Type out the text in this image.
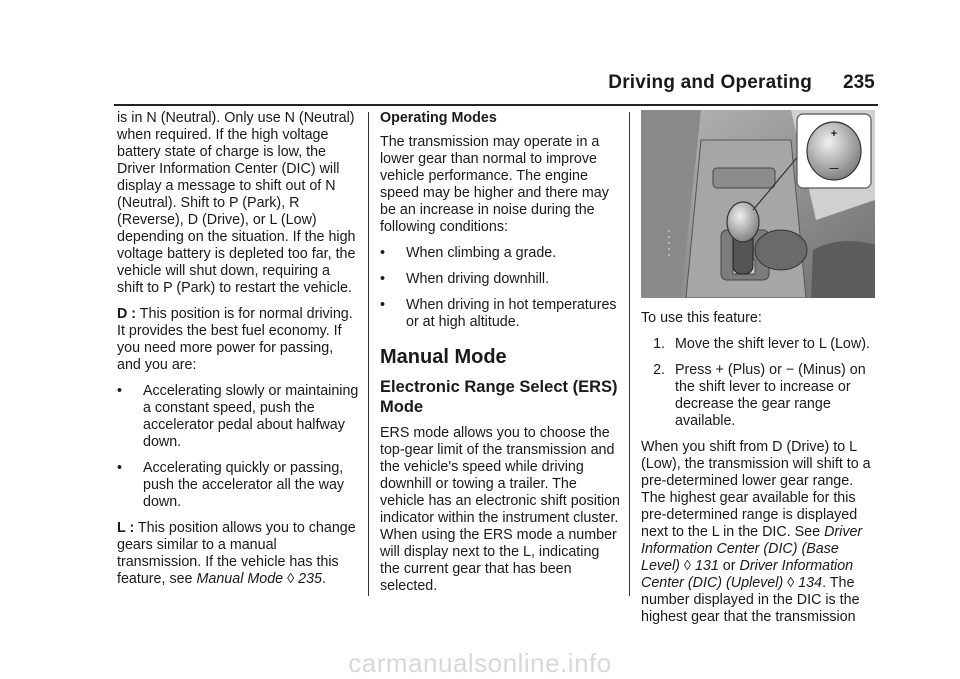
Driving and Operating 235

is in N (Neutral). Only use N (Neutral) when required. If the high voltage battery state of charge is low, the Driver Information Center (DIC) will display a message to shift out of N (Neutral). Shift to P (Park), R (Reverse), D (Drive), or L (Low) depending on the situation. If the high voltage battery is depleted too far, the vehicle will shut down, requiring a shift to P (Park) to restart the vehicle.

D : This position is for normal driving. It provides the best fuel economy. If you need more power for passing, and you are:

•	Accelerating slowly or maintaining a constant speed, push the accelerator pedal about halfway down.
•	Accelerating quickly or passing, push the accelerator all the way down.

L : This position allows you to change gears similar to a manual transmission. If the vehicle has this feature, see Manual Mode ◊ 235.

Operating Modes

The transmission may operate in a lower gear than normal to improve vehicle performance. The engine speed may be higher and there may be an increase in noise during the following conditions:

•	When climbing a grade.
•	When driving downhill.
•	When driving in hot temperatures or at high altitude.
Manual Mode
Electronic Range Select (ERS) Mode

ERS mode allows you to choose the top-gear limit of the transmission and the vehicle's speed while driving downhill or towing a trailer. The vehicle has an electronic shift position indicator within the instrument cluster. When using the ERS mode a number will display next to the L, indicating the current gear that has been selected.

+
—

To use this feature:

1. Move the shift lever to L (Low).
2. Press + (Plus) or − (Minus) on the shift lever to increase or decrease the gear range available.

When you shift from D (Drive) to L (Low), the transmission will shift to a pre-determined lower gear range. The highest gear available for this pre-determined range is displayed next to the L in the DIC. See Driver Information Center (DIC) (Base Level) ◊ 131 or Driver Information Center (DIC) (Uplevel) ◊ 134. The number displayed in the DIC is the highest gear that the transmission

carmanualsonline.info
